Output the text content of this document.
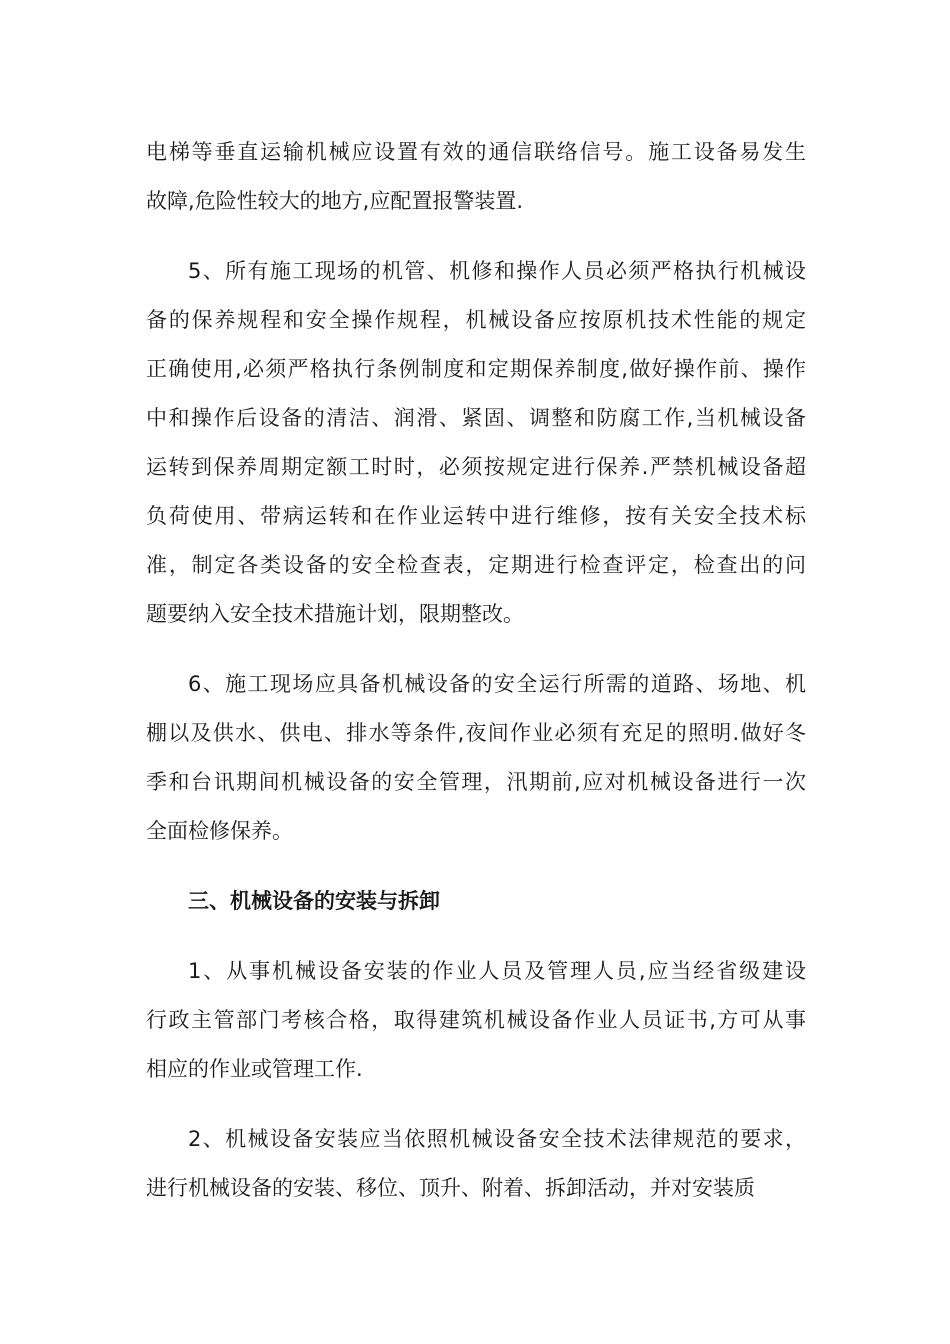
电梯等垂直运输机械应设置有效的通信联络信号。施工设备易发生
故障,危险性较大的地方,应配置报警装置.
5、所有施工现场的机管、机修和操作人员必须严格执行机械设
备的保养规程和安全操作规程，机械设备应按原机技术性能的规定
正确使用,必须严格执行条例制度和定期保养制度,做好操作前、操作
中和操作后设备的清洁、润滑、紧固、调整和防腐工作,当机械设备
运转到保养周期定额工时时，必须按规定进行保养.严禁机械设备超
负荷使用、带病运转和在作业运转中进行维修，按有关安全技术标
准，制定各类设备的安全检查表，定期进行检查评定，检查出的问
题要纳入安全技术措施计划，限期整改。
6、施工现场应具备机械设备的安全运行所需的道路、场地、机
棚以及供水、供电、排水等条件,夜间作业必须有充足的照明.做好冬
季和台讯期间机械设备的安全管理，汛期前,应对机械设备进行一次
全面检修保养。
三、机械设备的安装与拆卸
1、从事机械设备安装的作业人员及管理人员,应当经省级建设
行政主管部门考核合格，取得建筑机械设备作业人员证书,方可从事
相应的作业或管理工作.
2、机械设备安装应当依照机械设备安全技术法律规范的要求，
进行机械设备的安装、移位、顶升、附着、拆卸活动，并对安装质
